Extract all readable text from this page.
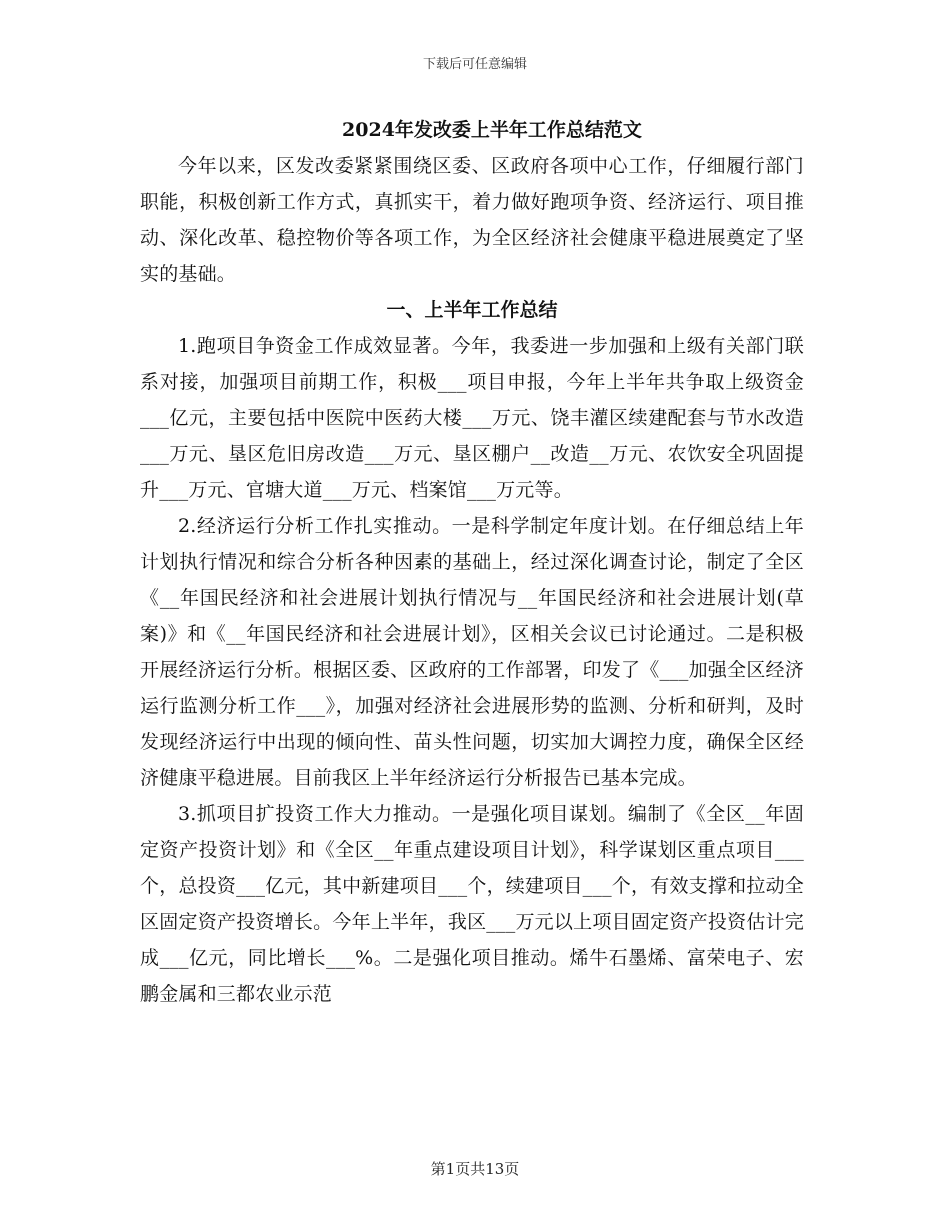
下载后可任意编辑
2024年发改委上半年工作总结范文

今年以来，区发改委紧紧围绕区委、区政府各项中心工作，仔细履行部门职能，积极创新工作方式，真抓实干，着力做好跑项争资、经济运行、项目推动、深化改革、稳控物价等各项工作，为全区经济社会健康平稳进展奠定了坚实的基础。

一、上半年工作总结

1.跑项目争资金工作成效显著。今年，我委进一步加强和上级有关部门联系对接，加强项目前期工作，积极___项目申报，今年上半年共争取上级资金___亿元，主要包括中医院中医药大楼___万元、饶丰灌区续建配套与节水改造___万元、垦区危旧房改造___万元、垦区棚户__改造__万元、农饮安全巩固提升___万元、官塘大道___万元、档案馆___万元等。

2.经济运行分析工作扎实推动。一是科学制定年度计划。在仔细总结上年计划执行情况和综合分析各种因素的基础上，经过深化调查讨论，制定了全区《__年国民经济和社会进展计划执行情况与__年国民经济和社会进展计划(草案)》和《__年国民经济和社会进展计划》，区相关会议已讨论通过。二是积极开展经济运行分析。根据区委、区政府的工作部署，印发了《___加强全区经济运行监测分析工作___》，加强对经济社会进展形势的监测、分析和研判，及时发现经济运行中出现的倾向性、苗头性问题，切实加大调控力度，确保全区经济健康平稳进展。目前我区上半年经济运行分析报告已基本完成。

3.抓项目扩投资工作大力推动。一是强化项目谋划。编制了《全区__年固定资产投资计划》和《全区__年重点建设项目计划》，科学谋划区重点项目___个，总投资___亿元，其中新建项目___个，续建项目___个，有效支撑和拉动全区固定资产投资增长。今年上半年，我区___万元以上项目固定资产投资估计完成___亿元，同比增长___%。二是强化项目推动。烯牛石墨烯、富荣电子、宏鹏金属和三都农业示范

第1页共13页
